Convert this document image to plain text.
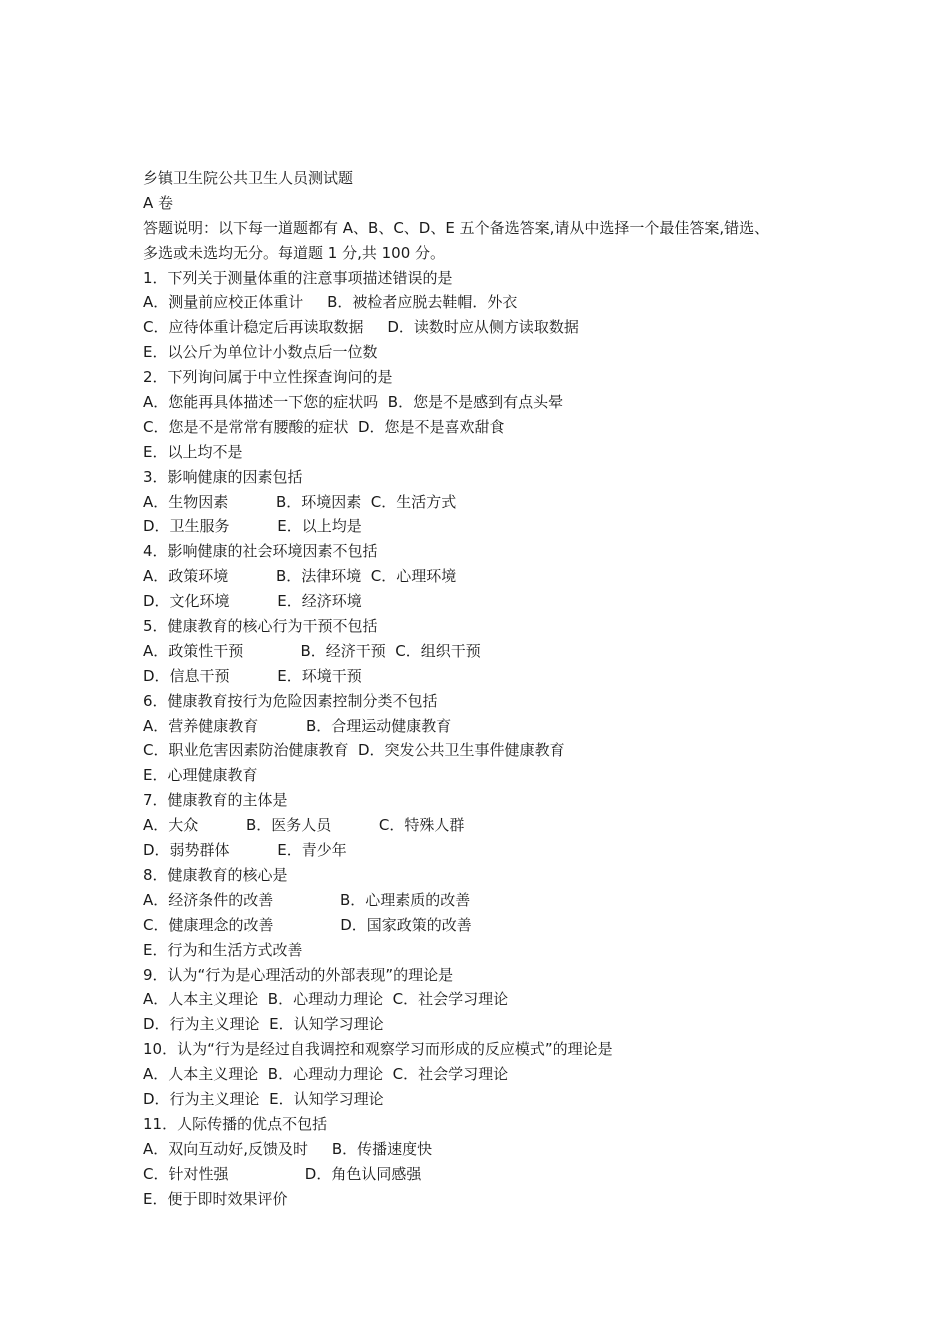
乡镇卫生院公共卫生人员测试题
A 卷
答题说明：以下每一道题都有 A、B、C、D、E 五个备选答案,请从中选择一个最佳答案,错选、
多选或未选均无分。每道题 1 分,共 100 分。
1．下列关于测量体重的注意事项描述错误的是
A．测量前应校正体重计     B．被检者应脱去鞋帽．外衣
C．应待体重计稳定后再读取数据     D．读数时应从侧方读取数据
E．以公斤为单位计小数点后一位数
2．下列询问属于中立性探查询问的是
A．您能再具体描述一下您的症状吗  B．您是不是感到有点头晕
C．您是不是常常有腰酸的症状  D．您是不是喜欢甜食
E．以上均不是
3．影响健康的因素包括
A．生物因素          B．环境因素  C．生活方式
D．卫生服务          E．以上均是
4．影响健康的社会环境因素不包括
A．政策环境          B．法律环境  C．心理环境
D．文化环境          E．经济环境
5．健康教育的核心行为干预不包括
A．政策性干预            B．经济干预  C．组织干预
D．信息干预          E．环境干预
6．健康教育按行为危险因素控制分类不包括
A．营养健康教育          B．合理运动健康教育
C．职业危害因素防治健康教育  D．突发公共卫生事件健康教育
E．心理健康教育
7．健康教育的主体是
A．大众          B．医务人员          C．特殊人群
D．弱势群体          E．青少年
8．健康教育的核心是
A．经济条件的改善              B．心理素质的改善
C．健康理念的改善              D．国家政策的改善
E．行为和生活方式改善
9．认为“行为是心理活动的外部表现”的理论是
A．人本主义理论  B．心理动力理论  C．社会学习理论
D．行为主义理论  E．认知学习理论
10．认为“行为是经过自我调控和观察学习而形成的反应模式”的理论是
A．人本主义理论  B．心理动力理论  C．社会学习理论
D．行为主义理论  E．认知学习理论
11．人际传播的优点不包括
A．双向互动好,反馈及时     B．传播速度快
C．针对性强                D．角色认同感强
E．便于即时效果评价
